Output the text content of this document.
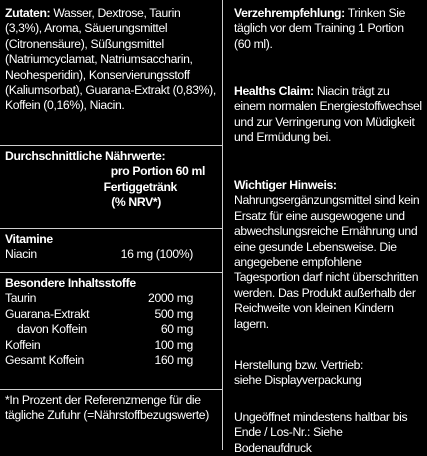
Zutaten: Wasser, Dextrose, Taurin (3,3%), Aroma, Säuerungsmittel (Citronensäure), Süßungsmittel (Natriumcyclamat, Natriumsaccharin, Neohesperidin), Konservierungsstoff (Kaliumsorbat), Guarana-Extrakt (0,83%), Koffein (0,16%), Niacin.

Durchschnittliche Nährwerte:

pro Portion 60 ml
Fertiggetränk
(% NRV*)

Vitamine

Niacin	16 mg (100%)

Besondere Inhaltsstoffe

Taurin	2000 mg
Guarana-Extrakt	500 mg
davon Koffein	60 mg
Koffein	100 mg
Gesamt Koffein	160 mg

*In Prozent der Referenzmenge für die tägliche Zufuhr (=Nährstoffbezugswerte)

Verzehrempfehlung: Trinken Sie täglich vor dem Training 1 Portion (60 ml).

Healths Claim: Niacin trägt zu einem normalen Energiestoffwechsel und zur Verringerung von Müdigkeit und Ermüdung bei.

Wichtiger Hinweis: Nahrungsergänzungsmittel sind kein Ersatz für eine ausgewogene und abwechslungsreiche Ernährung und eine gesunde Lebensweise. Die angegebene empfohlene Tagesportion darf nicht überschritten werden. Das Produkt außerhalb der Reichweite von kleinen Kindern lagern.

Herstellung bzw. Vertrieb:

siehe Displayverpackung

Ungeöffnet mindestens haltbar bis

Ende / Los-Nr.: Siehe Bodenaufdruck
